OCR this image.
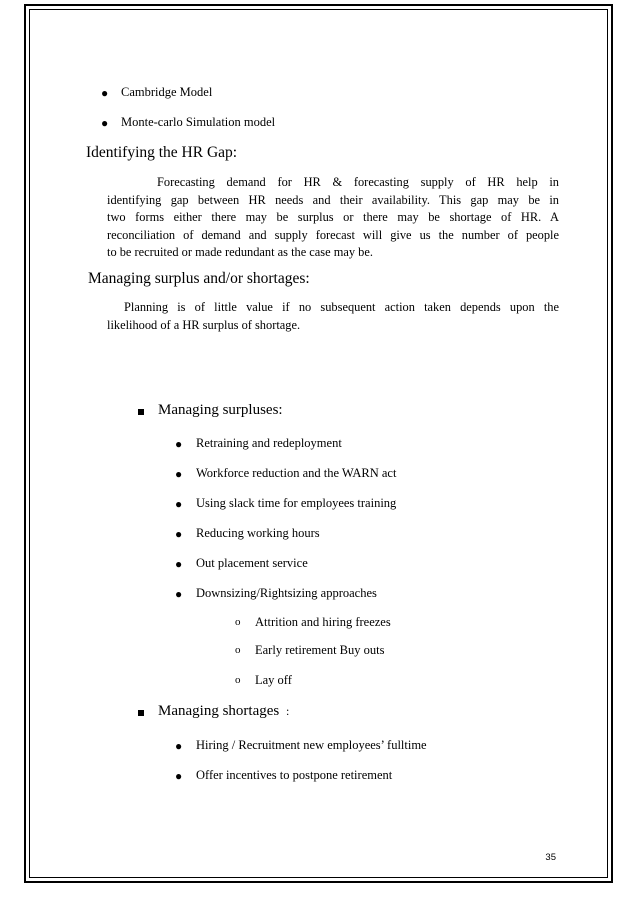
● Cambridge Model
● Monte-carlo Simulation model
Identifying the HR Gap:
Forecasting demand for HR & forecasting supply of HR help in
identifying gap between HR needs and their availability. This gap may be in
two forms either there may be surplus or there may be shortage of HR. A
reconciliation of demand and supply forecast will give us the number of people
to be recruited or made redundant as the case may be.
Managing surplus and/or shortages:
Planning is of little value if no subsequent action taken depends upon the
likelihood of a HR surplus of shortage.
Managing surpluses:
● Retraining and redeployment
● Workforce reduction and the WARN act
● Using slack time for employees training
● Reducing working hours
● Out placement service
● Downsizing/Rightsizing approaches
o Attrition and hiring freezes
o Early retirement Buy outs
o Lay off
Managing shortages :
● Hiring / Recruitment new employees’ fulltime
● Offer incentives to postpone retirement
35
